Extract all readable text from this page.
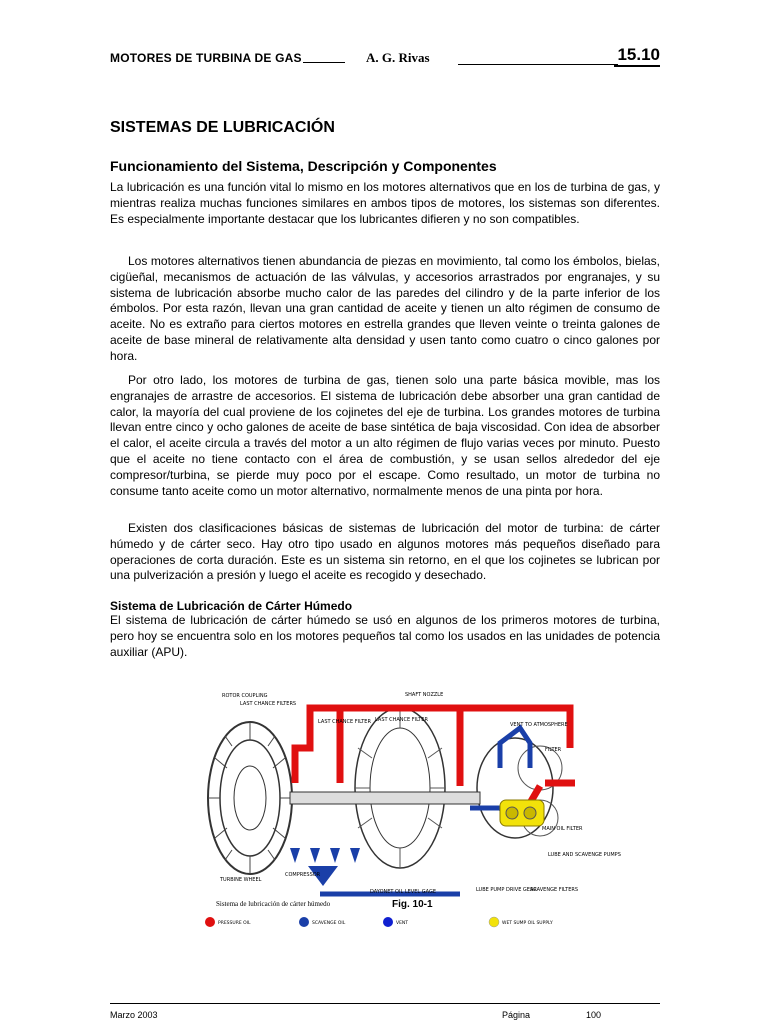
MOTORES DE TURBINA DE GAS	A. G. Rivas	15.10
SISTEMAS DE LUBRICACIÓN
Funcionamiento del Sistema, Descripción y Componentes

La lubricación es una función vital lo mismo en los motores alternativos que en los de turbina de gas, y mientras realiza muchas funciones similares en ambos tipos de motores, los sistemas son diferentes. Es especialmente importante destacar que los lubricantes difieren y no son compatibles.

Los motores alternativos tienen abundancia de piezas en movimiento, tal como los émbolos, bielas, cigüeñal, mecanismos de actuación de las válvulas, y accesorios arrastrados por engranajes, y su sistema de lubricación absorbe mucho calor de las paredes del cilindro y de la parte inferior de los émbolos. Por esta razón, llevan una gran cantidad de aceite y tienen un alto régimen de consumo de aceite. No es extraño para ciertos motores en estrella grandes que lleven veinte o treinta galones de aceite de base mineral de relativamente alta densidad y usen tanto como cuatro o cinco galones por hora.

Por otro lado, los motores de turbina de gas, tienen solo una parte básica movible, mas los engranajes de arrastre de accesorios. El sistema de lubricación debe absorber una gran cantidad de calor, la mayoría del cual proviene de los cojinetes del eje de turbina. Los grandes motores de turbina llevan entre cinco y ocho galones de aceite de base sintética de baja viscosidad. Con idea de absorber el calor, el aceite circula a través del motor a un alto régimen de flujo varias veces por minuto. Puesto que el aceite no tiene contacto con el área de combustión, y se usan sellos alrededor del eje compresor/turbina, se pierde muy poco por el escape. Como resultado, un motor de turbina no consume tanto aceite como un motor alternativo, normalmente menos de una pinta por hora.

Existen dos clasificaciones básicas de sistemas de lubricación del motor de turbina: de cárter húmedo y de cárter seco. Hay otro tipo usado en algunos motores más pequeños diseñado para operaciones de corta duración. Este es un sistema sin retorno, en el que los cojinetes se lubrican por una pulverización a presión y luego el aceite es recogido y desechado.

Sistema de Lubricación de Cárter Húmedo

El sistema de lubricación de cárter húmedo se usó en algunos de los primeros motores de turbina, pero hoy se encuentra solo en los motores pequeños tal como los usados en las unidades de potencia auxiliar (APU).

ROTOR COUPLING
LAST CHANCE FILTERS
LAST CHANCE FILTER LAST CHANCE FILTER
SHAFT NOZZLE
VENT TO ATMOSPHERE
FILTER
MAIN OIL FILTER
LUBE AND SCAVENGE PUMPS
COMPRESSOR
TURBINE WHEEL
DAYONET OIL LEVEL GAGE	LUBE PUMP DRIVE GEAR
SCAVENGE FILTERS
Sistema de lubricación de cárter húmedo	Fig. 10-1
PRESSURE OIL	SCAVENGE OIL	VENT	WET SUMP OIL SUPPLY
Marzo 2003	Página	100
